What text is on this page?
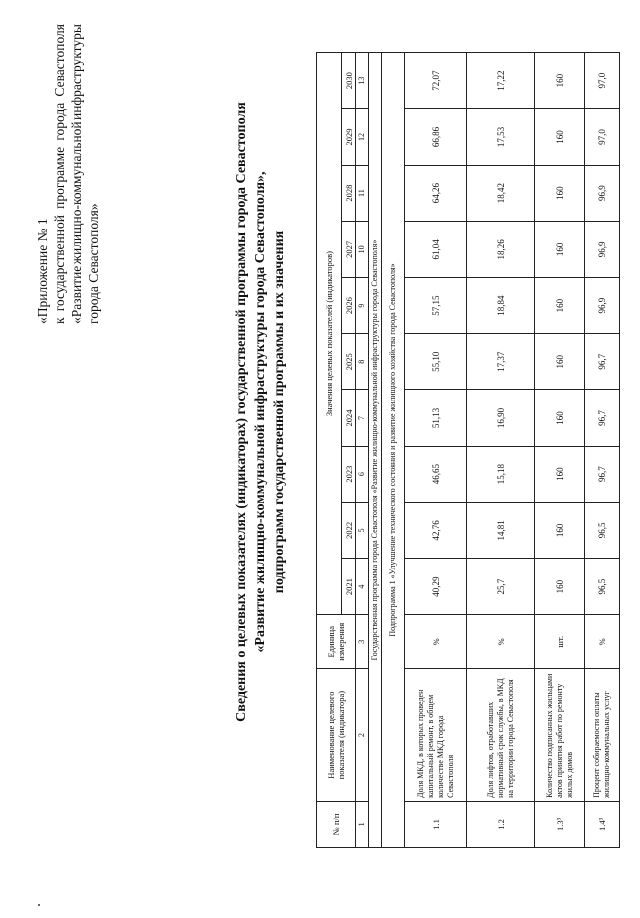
«Приложение № 1 к
государственной
программе
города
Севастополя
«Развитие
жилищно-коммунальной
инфраструктуры
города Севастополя»	Сведения о целевых показателях (индикаторах) государственной программы города Севастополя «Развитие жилищно-коммунальной инфраструктуры города Севастополя», подпрограмм государственной программы и их значения
№ п/п	Наименование целевого показателя (индикатора)	Единица измерения	Значения целевых показателей (индикаторов)									
			2021	2022	2023	2024	2025	2026	2027	2028	2029	2030
1	2	3	4	5	6	7	8	9	10	11	12	13
Государственная программа города Севастополя «Развитие жилищно-коммунальной инфраструктуры города Севастополя»												
Подпрограмма 1 «Улучшение технического состояния и развитие жилищного хозяйства города Севастополя»												
1.1	Доля МКД, в которых проведен капитальный ремонт, в общем количестве МКД города Севастополя	%	40,29	42,76	46,65	51,13	55,10	57,15	61,04	64,26	66,86	72,07
1.2	Доля лифтов, отработавших нормативный срок службы, в МКД на территории города Севастополя	%	25,7	14,81	15,18	16,90	17,37	18,84	18,26	18,42	17,53	17,22
1.3³	Количество подписанных жильцами актов принятия работ по ремонту жилых домов	шт.	160	160	160	160	160	160	160	160	160	160
1.4³	Процент собираемости оплаты жилищно-коммунальных услуг	%	96,5	96,5	96,7	96,7	96,7	96,9	96,9	96,9	97,0	97,0
